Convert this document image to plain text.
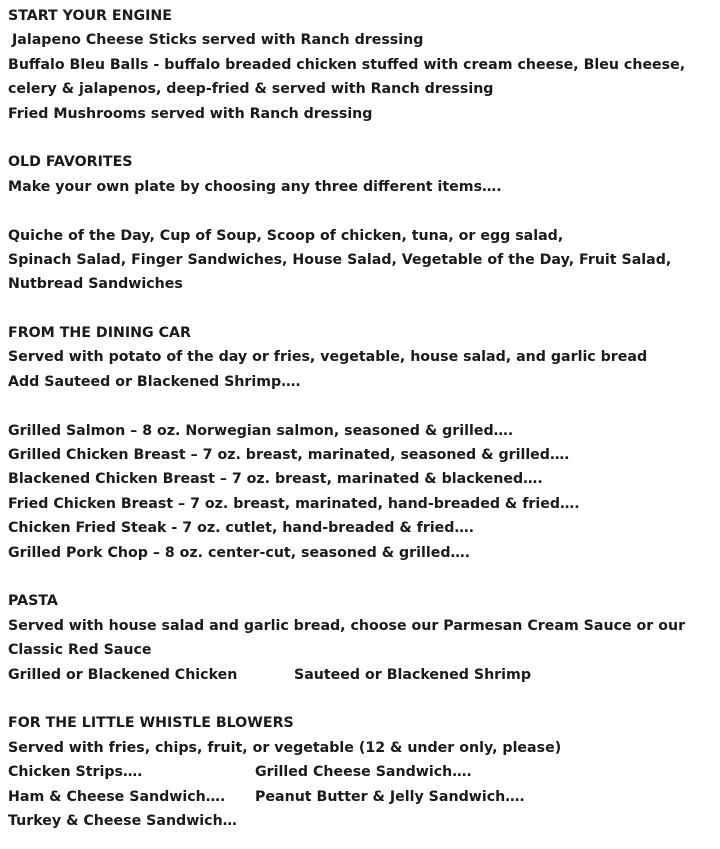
START YOUR ENGINE
Jalapeno Cheese Sticks served with Ranch dressing
Buffalo Bleu Balls - buffalo breaded chicken stuffed with cream cheese, Bleu cheese,
celery & jalapenos, deep-fried & served with Ranch dressing
Fried Mushrooms served with Ranch dressing
OLD FAVORITES
Make your own plate by choosing any three different items….
Quiche of the Day, Cup of Soup, Scoop of chicken, tuna, or egg salad,
Spinach Salad, Finger Sandwiches, House Salad, Vegetable of the Day, Fruit Salad,
Nutbread Sandwiches
FROM THE DINING CAR
Served with potato of the day or fries, vegetable, house salad, and garlic bread
Add Sauteed or Blackened Shrimp….
Grilled Salmon – 8 oz. Norwegian salmon, seasoned & grilled….
Grilled Chicken Breast – 7 oz. breast, marinated, seasoned & grilled….
Blackened Chicken Breast – 7 oz. breast, marinated & blackened….
Fried Chicken Breast – 7 oz. breast, marinated, hand-breaded & fried….
Chicken Fried Steak - 7 oz. cutlet, hand-breaded & fried….
Grilled Pork Chop – 8 oz. center-cut, seasoned & grilled….
PASTA
Served with house salad and garlic bread, choose our Parmesan Cream Sauce or our
Classic Red Sauce
Grilled or Blackened Chicken	Sauteed or Blackened Shrimp
FOR THE LITTLE WHISTLE BLOWERS
Served with fries, chips, fruit, or vegetable (12 & under only, please)
Chicken Strips….	Grilled Cheese Sandwich….
Ham & Cheese Sandwich…. Peanut Butter & Jelly Sandwich….
Turkey & Cheese Sandwich…
